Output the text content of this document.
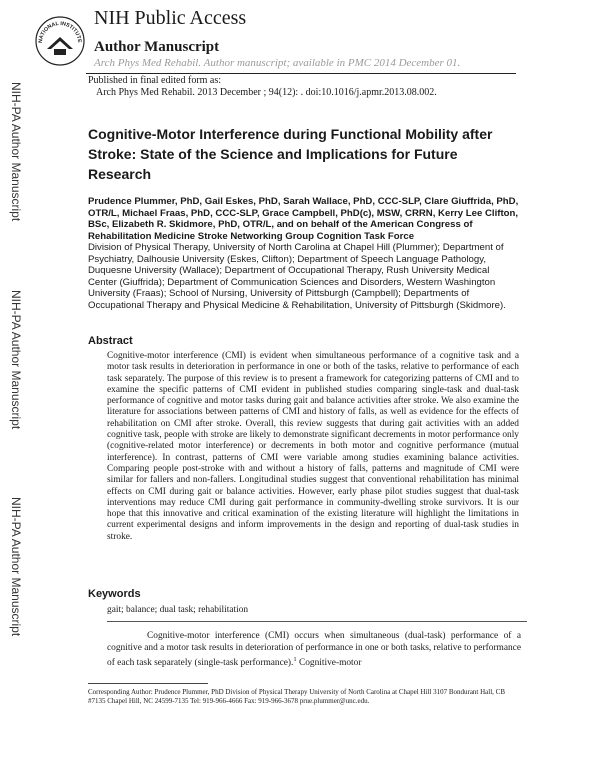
NATIONAL INSTITUTE
NIH Public Access
Author Manuscript
Arch Phys Med Rehabil. Author manuscript; available in PMC 2014 December 01.
Published in final edited form as:
Arch Phys Med Rehabil. 2013 December ; 94(12): . doi:10.1016/j.apmr.2013.08.002.
NIH-PA Author Manuscript
NIH-PA Author Manuscript
NIH-PA Author Manuscript
Cognitive-Motor Interference during Functional Mobility after Stroke: State of the Science and Implications for Future Research
Prudence Plummer, PhD, Gail Eskes, PhD, Sarah Wallace, PhD, CCC-SLP, Clare Giuffrida, PhD, OTR/L, Michael Fraas, PhD, CCC-SLP, Grace Campbell, PhD(c), MSW, CRRN, Kerry Lee Clifton, BSc, Elizabeth R. Skidmore, PhD, OTR/L, and on behalf of the American Congress of Rehabilitation Medicine Stroke Networking Group Cognition Task Force
Division of Physical Therapy, University of North Carolina at Chapel Hill (Plummer); Department of Psychiatry, Dalhousie University (Eskes, Clifton); Department of Speech Language Pathology, Duquesne University (Wallace); Department of Occupational Therapy, Rush University Medical Center (Giuffrida); Department of Communication Sciences and Disorders, Western Washington University (Fraas); School of Nursing, University of Pittsburgh (Campbell); Departments of Occupational Therapy and Physical Medicine & Rehabilitation, University of Pittsburgh (Skidmore).
Abstract
Cognitive-motor interference (CMI) is evident when simultaneous performance of a cognitive task and a motor task results in deterioration in performance in one or both of the tasks, relative to performance of each task separately. The purpose of this review is to present a framework for categorizing patterns of CMI and to examine the specific patterns of CMI evident in published studies comparing single-task and dual-task performance of cognitive and motor tasks during gait and balance activities after stroke. We also examine the literature for associations between patterns of CMI and history of falls, as well as evidence for the effects of rehabilitation on CMI after stroke. Overall, this review suggests that during gait activities with an added cognitive task, people with stroke are likely to demonstrate significant decrements in motor performance only (cognitive-related motor interference) or decrements in both motor and cognitive performance (mutual interference). In contrast, patterns of CMI were variable among studies examining balance activities. Comparing people post-stroke with and without a history of falls, patterns and magnitude of CMI were similar for fallers and non-fallers. Longitudinal studies suggest that conventional rehabilitation has minimal effects on CMI during gait or balance activities. However, early phase pilot studies suggest that dual-task interventions may reduce CMI during gait performance in community-dwelling stroke survivors. It is our hope that this innovative and critical examination of the existing literature will highlight the limitations in current experimental designs and inform improvements in the design and reporting of dual-task studies in stroke.
Keywords
gait; balance; dual task; rehabilitation
Cognitive-motor interference (CMI) occurs when simultaneous (dual-task) performance of a cognitive and a motor task results in deterioration of performance in one or both tasks, relative to performance of each task separately (single-task performance).$^1$ Cognitive-motor
Corresponding Author: Prudence Plummer, PhD Division of Physical Therapy University of North Carolina at Chapel Hill 3107 Bondurant Hall, CB #7135 Chapel Hill, NC 24599-7135 Tel: 919-966-4666 Fax: 919-966-3678 prue.plummer@unc.edu.
